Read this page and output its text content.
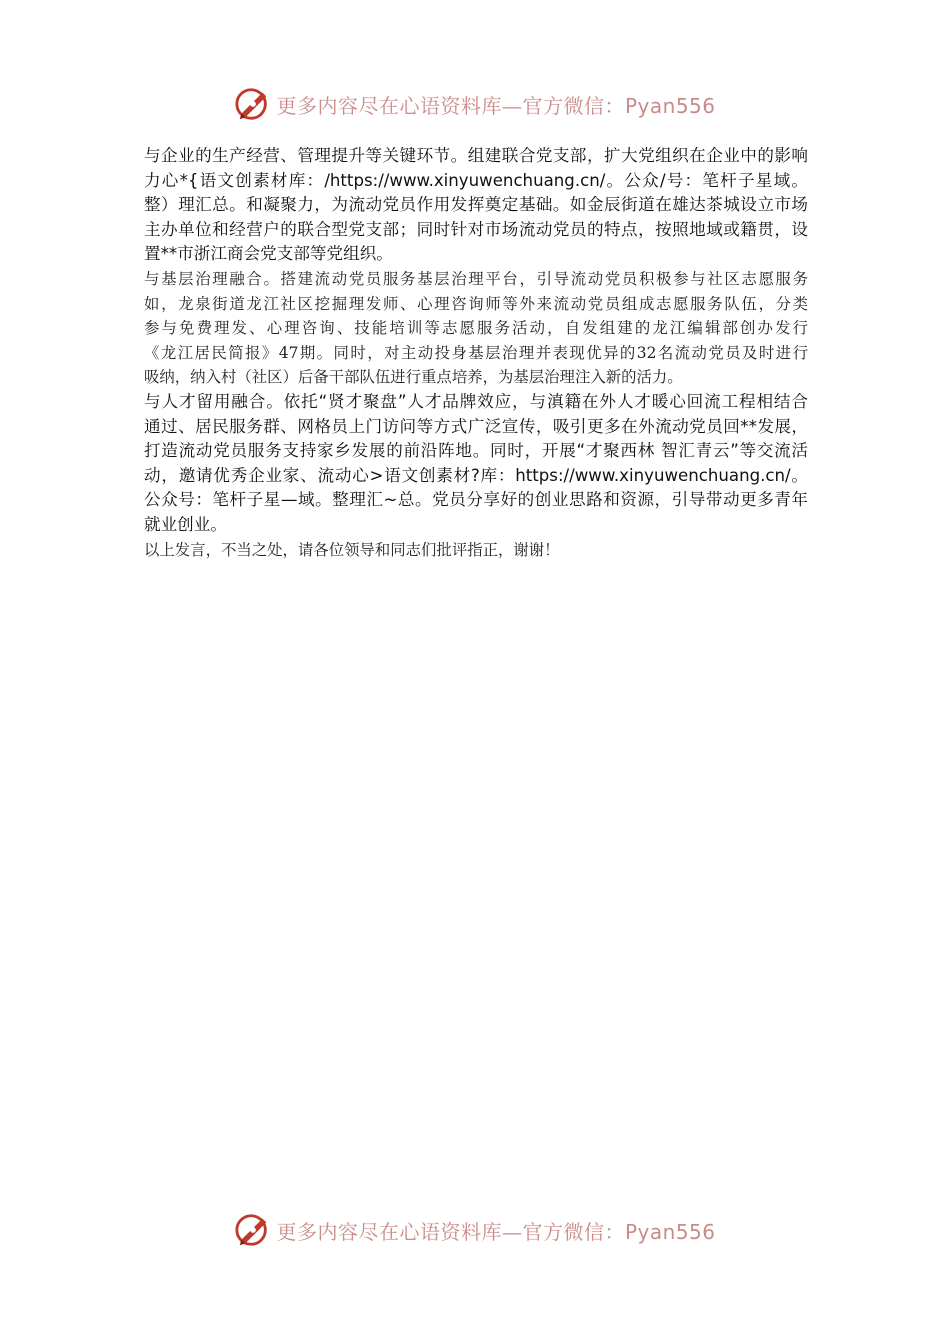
更多内容尽在心语资料库—官方微信：Pyan556
与企业的生产经营、管理提升等关键环节。组建联合党支部，扩大党组织在企业中的影响
力心*{语文创素材库：/https://www.xinyuwenchuang.cn/。公众/号：笔杆子星域。
整）理汇总。和凝聚力，为流动党员作用发挥奠定基础。如金辰街道在雄达茶城设立市场
主办单位和经营户的联合型党支部；同时针对市场流动党员的特点，按照地域或籍贯，设
置**市浙江商会党支部等党组织。
与基层治理融合。搭建流动党员服务基层治理平台，引导流动党员积极参与社区志愿服务
如，龙泉街道龙江社区挖掘理发师、心理咨询师等外来流动党员组成志愿服务队伍，分类
参与免费理发、心理咨询、技能培训等志愿服务活动，自发组建的龙江编辑部创办发行
《龙江居民简报》47期。同时，对主动投身基层治理并表现优异的32名流动党员及时进行
吸纳，纳入村（社区）后备干部队伍进行重点培养，为基层治理注入新的活力。
与人才留用融合。依托“贤才聚盘”人才品牌效应，与滇籍在外人才暖心回流工程相结合
通过、居民服务群、网格员上门访问等方式广泛宣传，吸引更多在外流动党员回**发展，
打造流动党员服务支持家乡发展的前沿阵地。同时，开展“才聚西林 智汇青云”等交流活
动，邀请优秀企业家、流动心>语文创素材?库：https://www.xinyuwenchuang.cn/。
公众号：笔杆子星—域。整理汇~总。党员分享好的创业思路和资源，引导带动更多青年
就业创业。
以上发言，不当之处，请各位领导和同志们批评指正，谢谢！
更多内容尽在心语资料库—官方微信：Pyan556
